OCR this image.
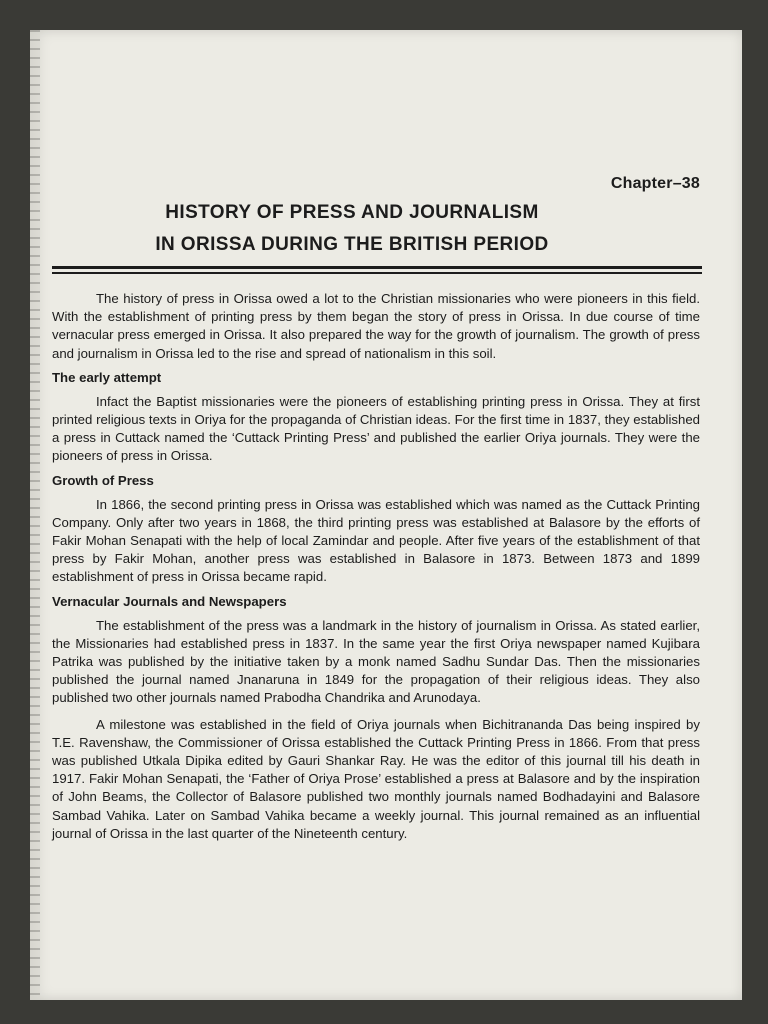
Chapter–38
HISTORY OF PRESS AND JOURNALISM
IN ORISSA DURING THE BRITISH PERIOD

The history of press in Orissa owed a lot to the Christian missionaries who were pioneers in this field. With the establishment of printing press by them began the story of press in Orissa. In due course of time vernacular press emerged in Orissa. It also prepared the way for the growth of journalism. The growth of press and journalism in Orissa led to the rise and spread of nationalism in this soil.

The early attempt

Infact the Baptist missionaries were the pioneers of establishing printing press in Orissa. They at first printed religious texts in Oriya for the propaganda of Christian ideas. For the first time in 1837, they established a press in Cuttack named the ‘Cuttack Printing Press’ and published the earlier Oriya journals. They were the pioneers of press in Orissa.

Growth of Press

In 1866, the second printing press in Orissa was established which was named as the Cuttack Printing Company. Only after two years in 1868, the third printing press was established at Balasore by the efforts of Fakir Mohan Senapati with the help of local Zamindar and people. After five years of the establishment of that press by Fakir Mohan, another press was established in Balasore in 1873. Between 1873 and 1899 establishment of press in Orissa became rapid.

Vernacular Journals and Newspapers

The establishment of the press was a landmark in the history of journalism in Orissa. As stated earlier, the Missionaries had established press in 1837. In the same year the first Oriya newspaper named Kujibara Patrika was published by the initiative taken by a monk named Sadhu Sundar Das. Then the missionaries published the journal named Jnanaruna in 1849 for the propagation of their religious ideas. They also published two other journals named Prabodha Chandrika and Arunodaya.

A milestone was established in the field of Oriya journals when Bichitrananda Das being inspired by T.E. Ravenshaw, the Commissioner of Orissa established the Cuttack Printing Press in 1866. From that press was published Utkala Dipika edited by Gauri Shankar Ray. He was the editor of this journal till his death in 1917. Fakir Mohan Senapati, the ‘Father of Oriya Prose’ established a press at Balasore and by the inspiration of John Beams, the Collector of Balasore published two monthly journals named Bodhadayini and Balasore Sambad Vahika. Later on Sambad Vahika became a weekly journal. This journal remained as an influential journal of Orissa in the last quarter of the Nineteenth century.
